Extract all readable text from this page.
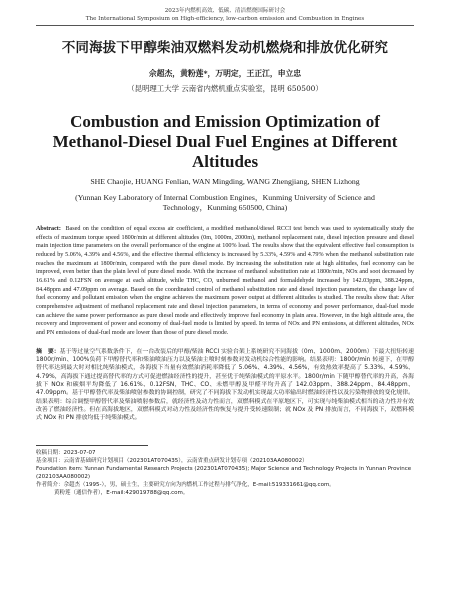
2023年内燃机高效、低碳、清洁燃烧国际研讨会
The International Symposium on High-efficiency, low-carbon emission and Combustion in Engines
不同海拔下甲醇柴油双燃料发动机燃烧和排放优化研究
佘超杰，黄粉莲*，万明定，王正江，申立忠
（昆明理工大学 云南省内燃机重点实验室，昆明 650500）
Combustion and Emission Optimization of Methanol-Diesel Dual Fuel Engines at Different Altitudes
SHE Chaojie, HUANG Fenlian, WAN Mingding, WANG Zhengjiang, SHEN Lizhong
(Yunnan Key Laboratory of Internal Combustion Engines，Kunming University of Science and Technology，Kunming 650500, China)
Abstract: Based on the condition of equal excess air coefficient, a modified methanol/diesel RCCI test bench was used to systematically study the effects of maximum torque speed 1800r/min at different altitudes (0m, 1000m, 2000m), methanol replacement rate, diesel injection pressure and diesel main injection time parameters on the overall performance of the engine at 100% load. The results show that the equivalent effective fuel consumption is reduced by 5.06%, 4.39% and 4.56%, and the effective thermal efficiency is increased by 5.33%, 4.59% and 4.79% when the methanol substitution rate reaches the maximum at 1800r/min, compared with the pure diesel mode. By increasing the substitution rate at high altitudes, fuel economy can be improved, even better than the plain level of pure diesel mode. With the increase of methanol substitution rate at 1800r/min, NOx and soot decreased by 16.61% and 0.12FSN on average at each altitude, while THC, CO, unburned methanol and formaldehyde increased by 142.03ppm, 388.24ppm, 84.48ppm and 47.09ppm on average. Based on the coordinated control of methanol substitution rate and diesel injection parameters, the change law of fuel economy and pollutant emission when the engine achieves the maximum power output at different altitudes is studied. The results show that: After comprehensive adjustment of methanol replacement rate and diesel injection parameters, in terms of economy and power performance, dual-fuel mode can achieve the same power performance as pure diesel mode and effectively improve fuel economy in plain area. However, in the high altitude area, the recovery and improvement of power and economy of dual-fuel mode is limited by speed. In terms of NOx and PN emissions, at different altitudes, NOx and PN emissions of dual-fuel mode are lower than those of pure diesel mode.
摘　要：基于等过量空气系数条件下，在一台改装后的甲醇/柴油 RCCI 实验台架上系统研究不同海拔（0m、1000m、2000m）下最大扭矩转速 1800r/min、100%负荷下甲醇替代率和柴油喷油压力以及柴油主喷时刻参数对发动机综合性能的影响。结果表明：1800r/min 转速下，在甲醇替代率达到最大时对相比纯柴油模式，各海拔下当量有效燃油消耗率降低了 5.06%、4.39%、4.56%，有效热效率提高了 5.33%、4.59%、4.79%，高海拔下通过提高替代率的方式可促进燃油经济性的提升，甚至优于纯柴油模式的平原水平。1800r/min 下随甲醇替代率的升高，各海拔下 NOx 和碳烟平均降低了 16.61%、0.12FSN，THC、CO、未燃甲醇及甲醛平均升高了 142.03ppm、388.24ppm、84.48ppm、47.09ppm。基于甲醇替代率及柴油喷射参数的协调控制，研究了不同海拔下发动机实现最大功率输出时燃油经济性以及污染物排放的变化规律。结果表明：综合调整甲醇替代率及柴油喷射参数后，就经济性及动力性而言，双燃料模式在平原地区下，可实现与纯柴油模式相当的动力性并有效改善了燃油经济性。但在高海拔地区，双燃料模式对动力性及经济性的恢复与提升受转速限制；就 NOx 及 PN 排放而言，不同海拔下，双燃料模式 NOx 和 PN 排放均低于纯柴油模式。

收稿日期：2023-07-07

基金项目：云南省基础研究计划项目（202301AT070435），云南省重点研发计划专项（202103AA080002）

Foundation item: Yunnan Fundamental Research Projects (202301AT070435); Major Science and Technology Projects in Yunnan Province (202103AA080002)

作者简介：佘超杰（1995-），男，硕士生，主要研究方向为内燃机工作过程与排气净化，E-mail:519331661@qq.com。

黄粉莲（通信作者），E-mail:429019788@qq.com。
